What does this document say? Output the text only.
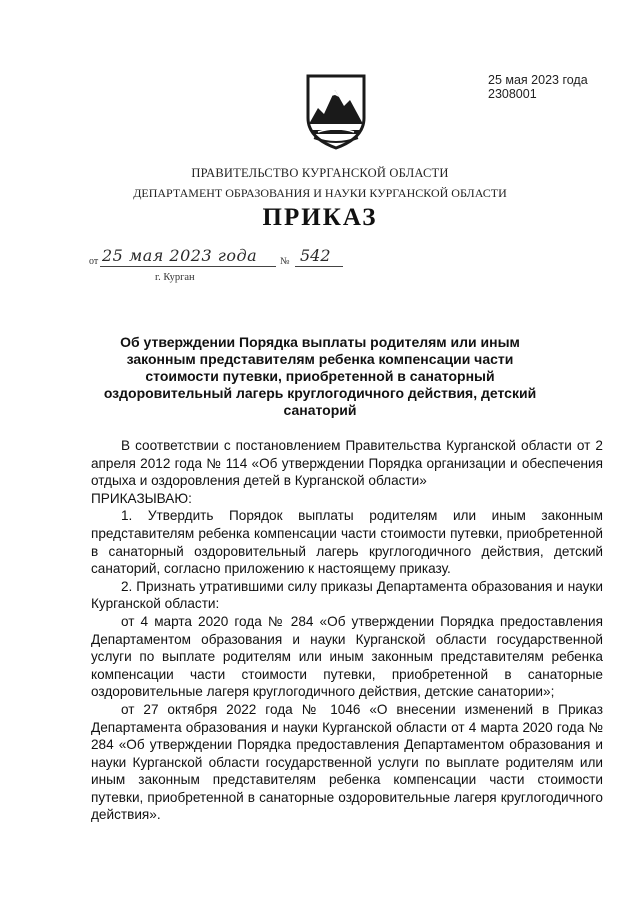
25 мая 2023 года
2308001
ПРАВИТЕЛЬСТВО КУРГАНСКОЙ ОБЛАСТИ
ДЕПАРТАМЕНТ ОБРАЗОВАНИЯ И НАУКИ КУРГАНСКОЙ ОБЛАСТИ
ПРИКАЗ
от 25 мая 2023 года № 542
г. Курган
Об утверждении Порядка выплаты родителям или иным законным представителям ребенка компенсации части стоимости путевки, приобретенной в санаторный оздоровительный лагерь круглогодичного действия, детский санаторий

В соответствии с постановлением Правительства Курганской области от 2 апреля 2012 года № 114 «Об утверждении Порядка организации и обеспечения отдыха и оздоровления детей в Курганской области»

ПРИКАЗЫВАЮ:

1. Утвердить Порядок выплаты родителям или иным законным представителям ребенка компенсации части стоимости путевки, приобретенной в санаторный оздоровительный лагерь круглогодичного действия, детский санаторий, согласно приложению к настоящему приказу.

2. Признать утратившими силу приказы Департамента образования и науки Курганской области:

от 4 марта 2020 года № 284 «Об утверждении Порядка предоставления Департаментом образования и науки Курганской области государственной услуги по выплате родителям или иным законным представителям ребенка компенсации части стоимости путевки, приобретенной в санаторные оздоровительные лагеря круглогодичного действия, детские санатории»;

от 27 октября 2022 года № 1046 «О внесении изменений в Приказ Департамента образования и науки Курганской области от 4 марта 2020 года № 284 «Об утверждении Порядка предоставления Департаментом образования и науки Курганской области государственной услуги по выплате родителям или иным законным представителям ребенка компенсации части стоимости путевки, приобретенной в санаторные оздоровительные лагеря круглогодичного действия».
